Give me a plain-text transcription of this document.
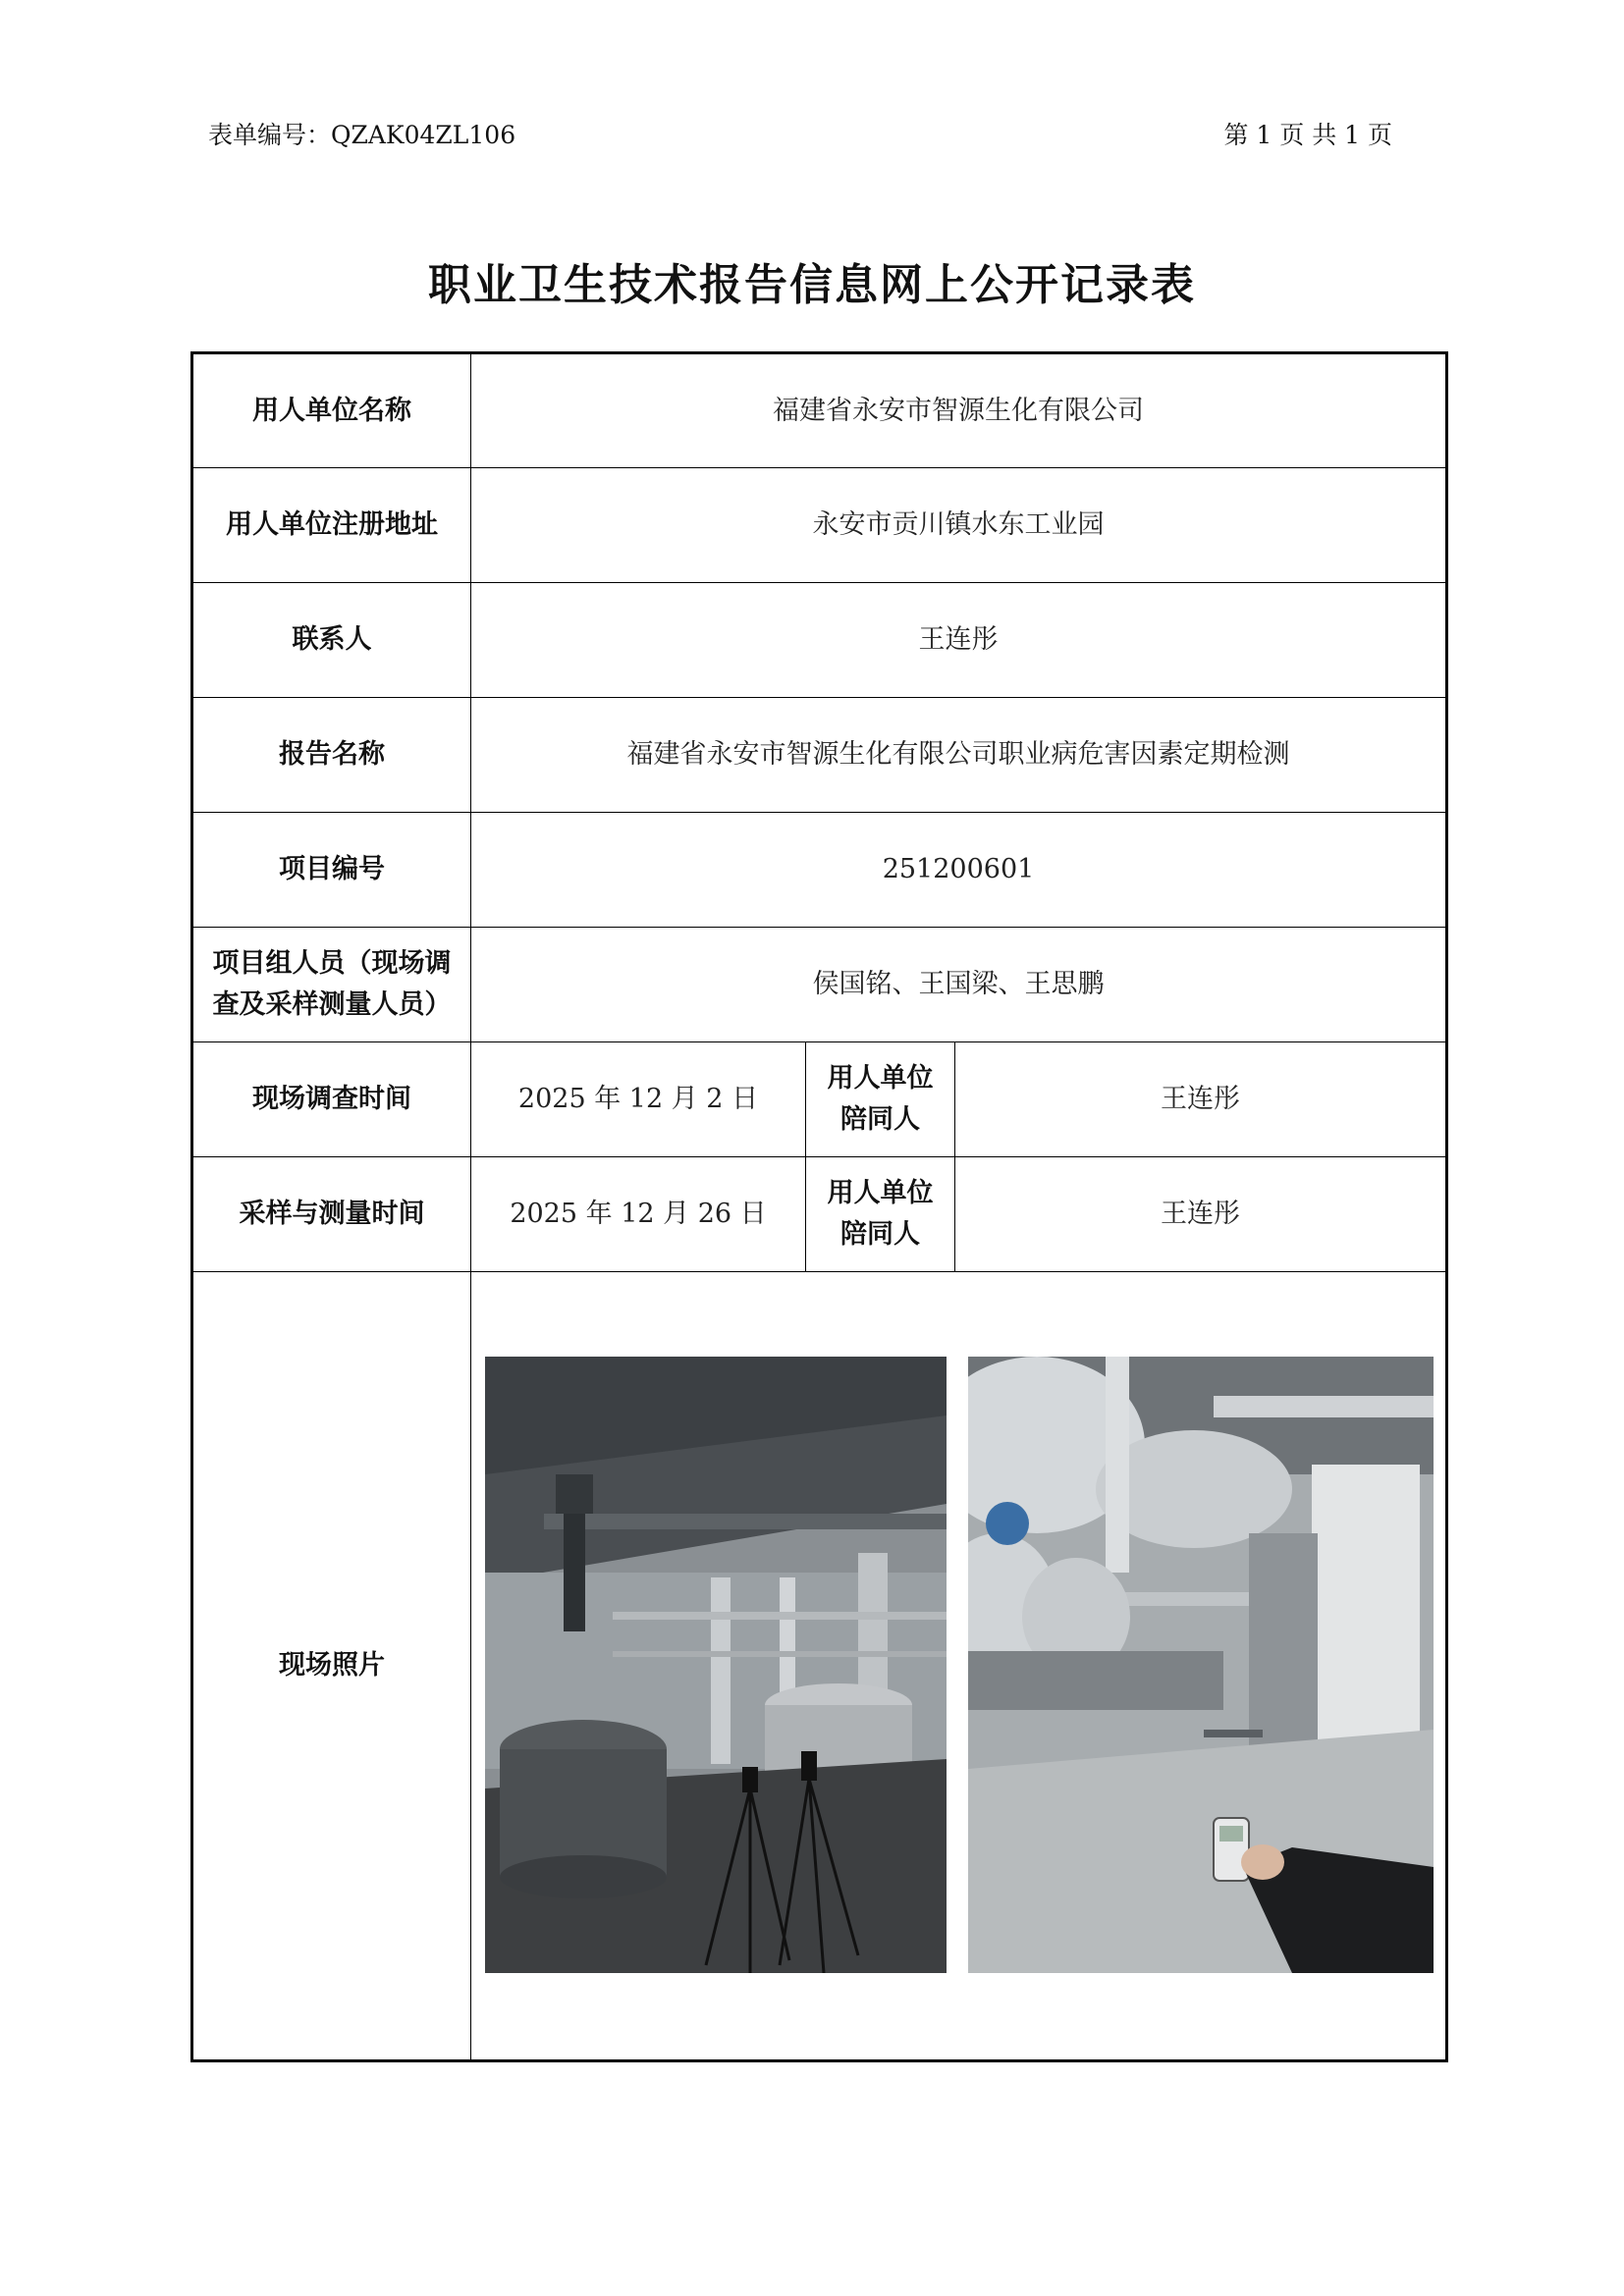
表单编号：QZAK04ZL106	第 1 页 共 1 页
职业卫生技术报告信息网上公开记录表
用人单位名称	福建省永安市智源生化有限公司		
用人单位注册地址	永安市贡川镇水东工业园		
联系人	王连彤		
报告名称	福建省永安市智源生化有限公司职业病危害因素定期检测		
项目编号	251200601		

项目组人员（现场调
查及采样测量人员）	侯国铭、王国梁、王思鹏		
现场调查时间	2025 年 12 月 2 日	用人单位
陪同人	王连彤
采样与测量时间	2025 年 12 月 26 日	用人单位
陪同人	王连彤
现场照片	
